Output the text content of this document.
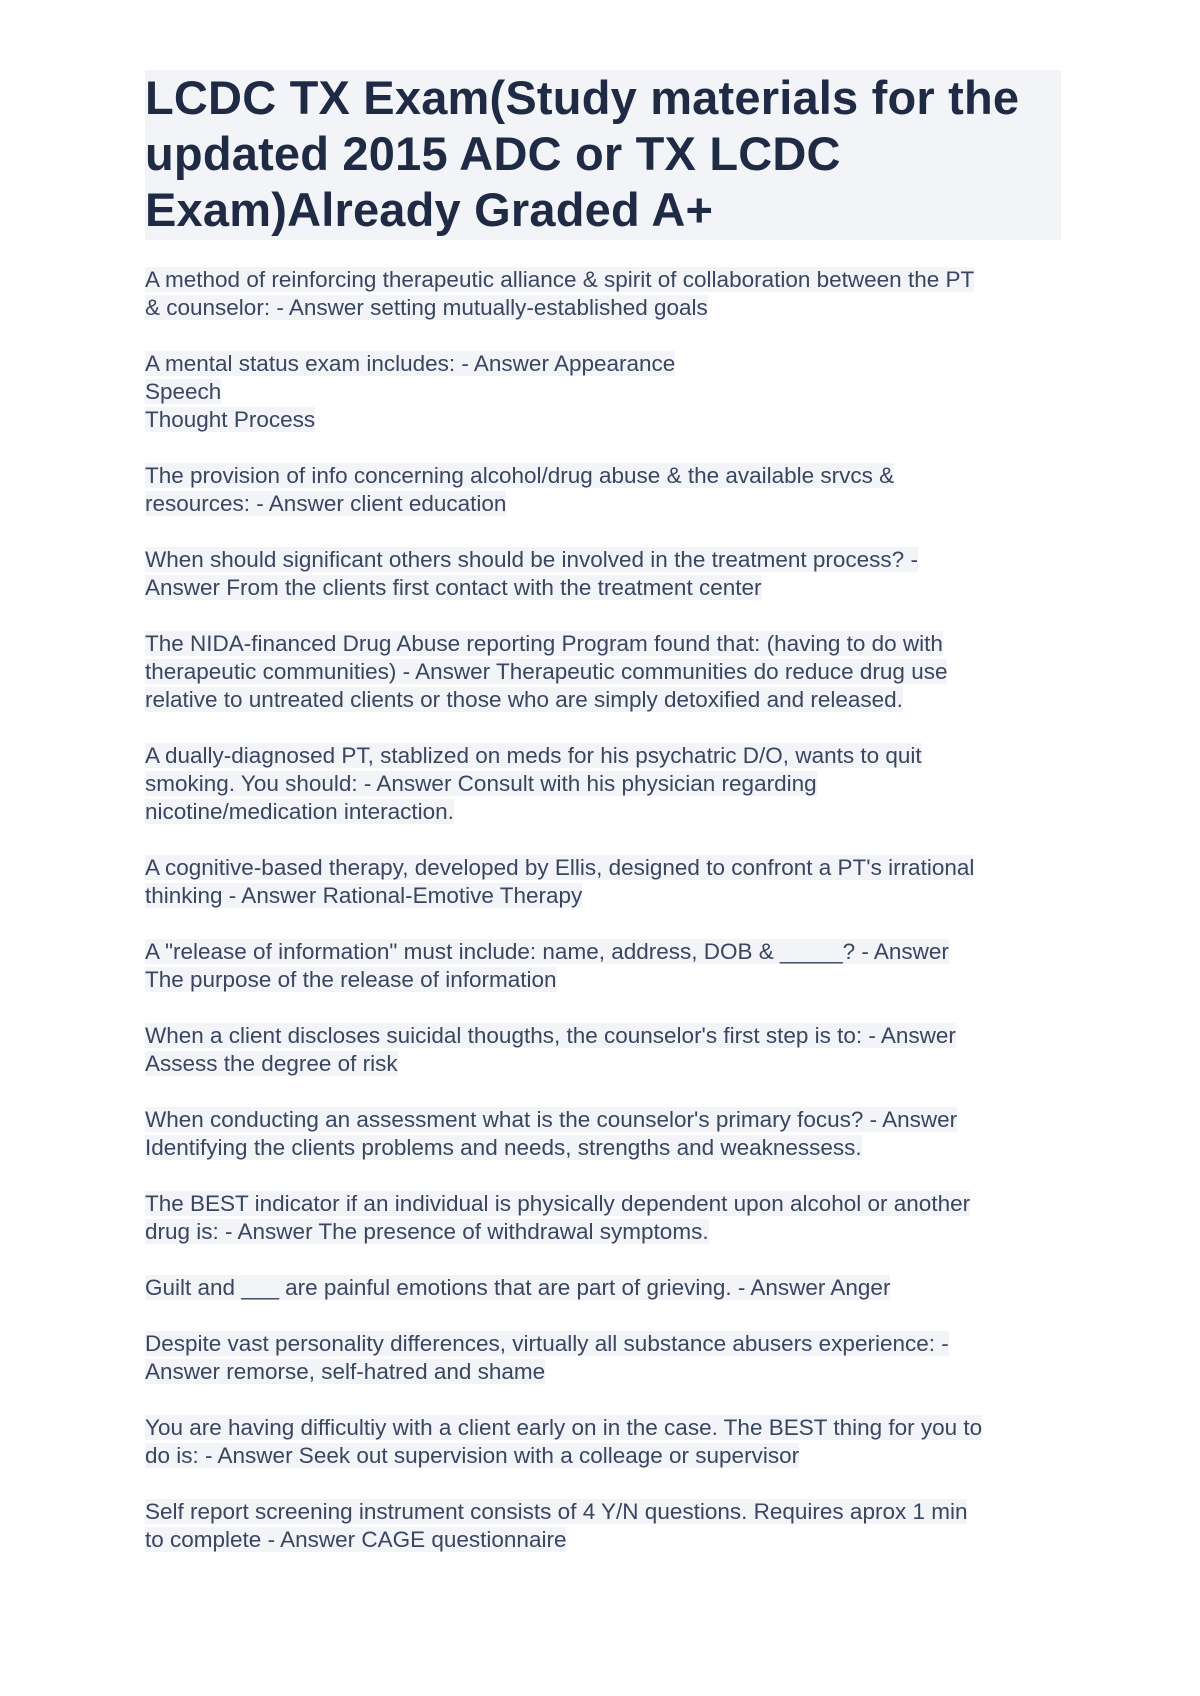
LCDC TX Exam(Study materials for the
updated 2015 ADC or TX LCDC
Exam)Already Graded A+
A method of reinforcing therapeutic alliance & spirit of collaboration between the PT
& counselor: - Answer setting mutually-established goals
A mental status exam includes: - Answer Appearance
Speech
Thought Process
The provision of info concerning alcohol/drug abuse & the available srvcs &
resources: - Answer client education
When should significant others should be involved in the treatment process? -
Answer From the clients first contact with the treatment center
The NIDA-financed Drug Abuse reporting Program found that: (having to do with
therapeutic communities) - Answer Therapeutic communities do reduce drug use
relative to untreated clients or those who are simply detoxified and released.
A dually-diagnosed PT, stablized on meds for his psychatric D/O, wants to quit
smoking. You should: - Answer Consult with his physician regarding
nicotine/medication interaction.
A cognitive-based therapy, developed by Ellis, designed to confront a PT's irrational
thinking - Answer Rational-Emotive Therapy
A "release of information" must include: name, address, DOB & _____? - Answer
The purpose of the release of information
When a client discloses suicidal thougths, the counselor's first step is to: - Answer
Assess the degree of risk
When conducting an assessment what is the counselor's primary focus? - Answer
Identifying the clients problems and needs, strengths and weaknessess.
The BEST indicator if an individual is physically dependent upon alcohol or another
drug is: - Answer The presence of withdrawal symptoms.
Guilt and ___ are painful emotions that are part of grieving. - Answer Anger
Despite vast personality differences, virtually all substance abusers experience: -
Answer remorse, self-hatred and shame
You are having difficultiy with a client early on in the case. The BEST thing for you to
do is: - Answer Seek out supervision with a colleage or supervisor
Self report screening instrument consists of 4 Y/N questions. Requires aprox 1 min
to complete - Answer CAGE questionnaire
